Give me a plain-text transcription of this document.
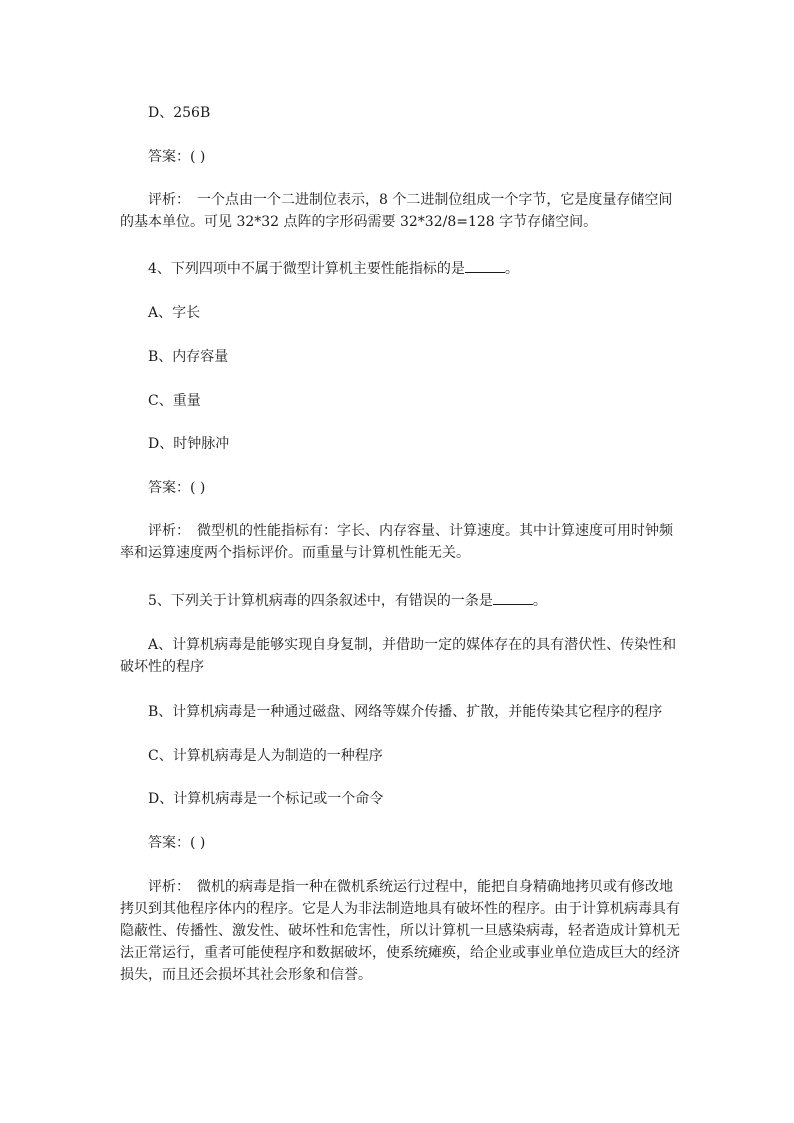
D、256B

答案：( )

评析：　一个点由一个二进制位表示，8 个二进制位组成一个字节，它是度量存储空间的基本单位。可见 32*32 点阵的字形码需要 32*32/8=128 字节存储空间。

4、下列四项中不属于微型计算机主要性能指标的是	。

A、字长

B、内存容量

C、重量

D、时钟脉冲

答案：( )

评析：　微型机的性能指标有：字长、内存容量、计算速度。其中计算速度可用时钟频率和运算速度两个指标评价。而重量与计算机性能无关。

5、下列关于计算机病毒的四条叙述中，有错误的一条是	。

A、计算机病毒是能够实现自身复制，并借助一定的媒体存在的具有潜伏性、传染性和破坏性的程序

B、计算机病毒是一种通过磁盘、网络等媒介传播、扩散，并能传染其它程序的程序

C、计算机病毒是人为制造的一种程序

D、计算机病毒是一个标记或一个命令

答案：( )

评析：　微机的病毒是指一种在微机系统运行过程中，能把自身精确地拷贝或有修改地拷贝到其他程序体内的程序。它是人为非法制造地具有破坏性的程序。由于计算机病毒具有隐蔽性、传播性、激发性、破坏性和危害性，所以计算机一旦感染病毒，轻者造成计算机无法正常运行，重者可能使程序和数据破坏，使系统瘫痪，给企业或事业单位造成巨大的经济损失，而且还会损坏其社会形象和信誉。
